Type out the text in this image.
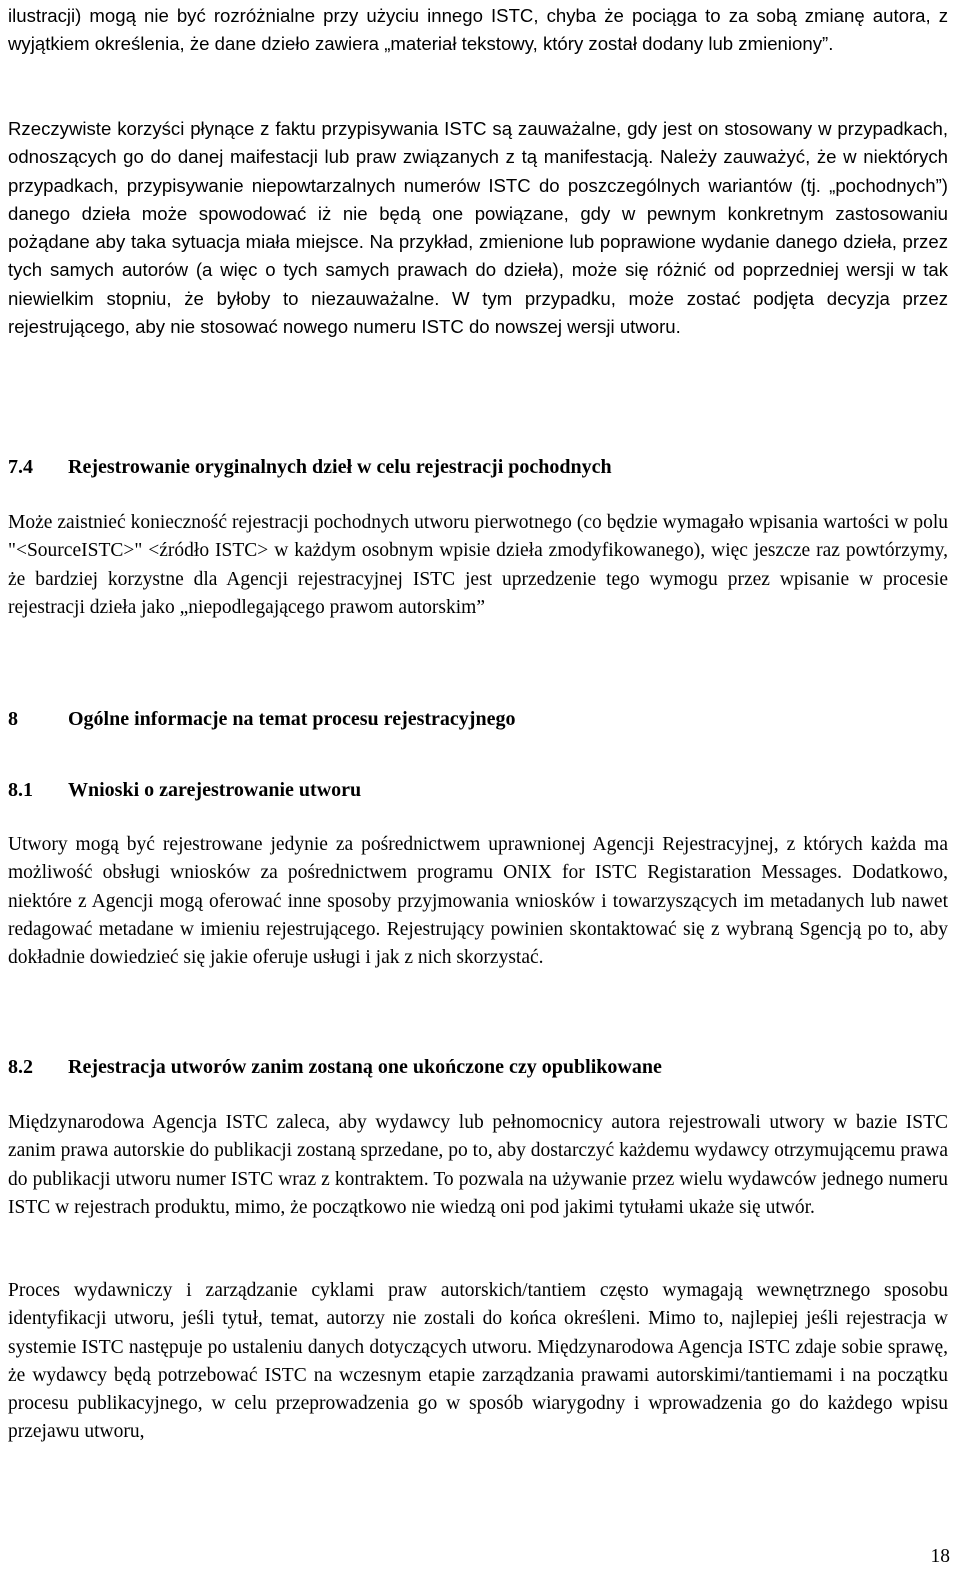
ilustracji) mogą nie być rozróżnialne przy użyciu innego ISTC, chyba że pociąga to za sobą zmianę autora, z wyjątkiem określenia, że dane dzieło zawiera „materiał tekstowy, który został dodany lub zmieniony”.

Rzeczywiste korzyści płynące z faktu przypisywania ISTC są zauważalne, gdy jest on stosowany w przypadkach, odnoszących go do danej maifestacji lub praw związanych z tą manifestacją. Należy zauważyć, że w niektórych przypadkach, przypisywanie niepowtarzalnych numerów ISTC do poszczególnych wariantów (tj. „pochodnych”) danego dzieła może spowodować iż nie będą one powiązane, gdy w pewnym konkretnym zastosowaniu pożądane aby taka sytuacja miała miejsce. Na przykład, zmienione lub poprawione wydanie danego dzieła, przez tych samych autorów (a więc o tych samych prawach do dzieła), może się różnić od poprzedniej wersji w tak niewielkim stopniu, że byłoby to niezauważalne. W tym przypadku, może zostać podjęta decyzja przez rejestrującego, aby nie stosować nowego numeru ISTC do nowszej wersji utworu.

7.4 Rejestrowanie oryginalnych dzieł w celu rejestracji pochodnych

Może zaistnieć konieczność rejestracji pochodnych utworu pierwotnego (co będzie wymagało wpisania wartości w polu "<SourceISTC>" <źródło ISTC> w każdym osobnym wpisie dzieła zmodyfikowanego), więc jeszcze raz powtórzymy, że bardziej korzystne dla Agencji rejestracyjnej ISTC jest uprzedzenie tego wymogu przez wpisanie w procesie rejestracji dzieła jako „niepodlegającego prawom autorskim”

8	Ogólne informacje na temat procesu rejestracyjnego
8.1 Wnioski o zarejestrowanie utworu

Utwory mogą być rejestrowane jedynie za pośrednictwem uprawnionej Agencji Rejestracyjnej, z których każda ma możliwość obsługi wniosków za pośrednictwem programu ONIX for ISTC Registaration Messages. Dodatkowo, niektóre z Agencji mogą oferować inne sposoby przyjmowania wniosków i towarzyszących im metadanych lub nawet redagować metadane w imieniu rejestrującego. Rejestrujący powinien skontaktować się z wybraną Sgencją po to, aby dokładnie dowiedzieć się jakie oferuje usługi i jak z nich skorzystać.

8.2 Rejestracja utworów zanim zostaną one ukończone czy opublikowane

Międzynarodowa Agencja ISTC zaleca, aby wydawcy lub pełnomocnicy autora rejestrowali utwory w bazie ISTC zanim prawa autorskie do publikacji zostaną sprzedane, po to, aby dostarczyć każdemu wydawcy otrzymującemu prawa do publikacji utworu numer ISTC wraz z kontraktem. To pozwala na używanie przez wielu wydawców jednego numeru ISTC w rejestrach produktu, mimo, że początkowo nie wiedzą oni pod jakimi tytułami ukaże się utwór.

Proces wydawniczy i zarządzanie cyklami praw autorskich/tantiem często wymagają wewnętrznego sposobu identyfikacji utworu, jeśli tytuł, temat, autorzy nie zostali do końca określeni. Mimo to, najlepiej jeśli rejestracja w systemie ISTC następuje po ustaleniu danych dotyczących utworu. Międzynarodowa Agencja ISTC zdaje sobie sprawę, że wydawcy będą potrzebować ISTC na wczesnym etapie zarządzania prawami autorskimi/tantiemami i na początku procesu publikacyjnego, w celu przeprowadzenia go w sposób wiarygodny i wprowadzenia go do każdego wpisu przejawu utworu,

18
